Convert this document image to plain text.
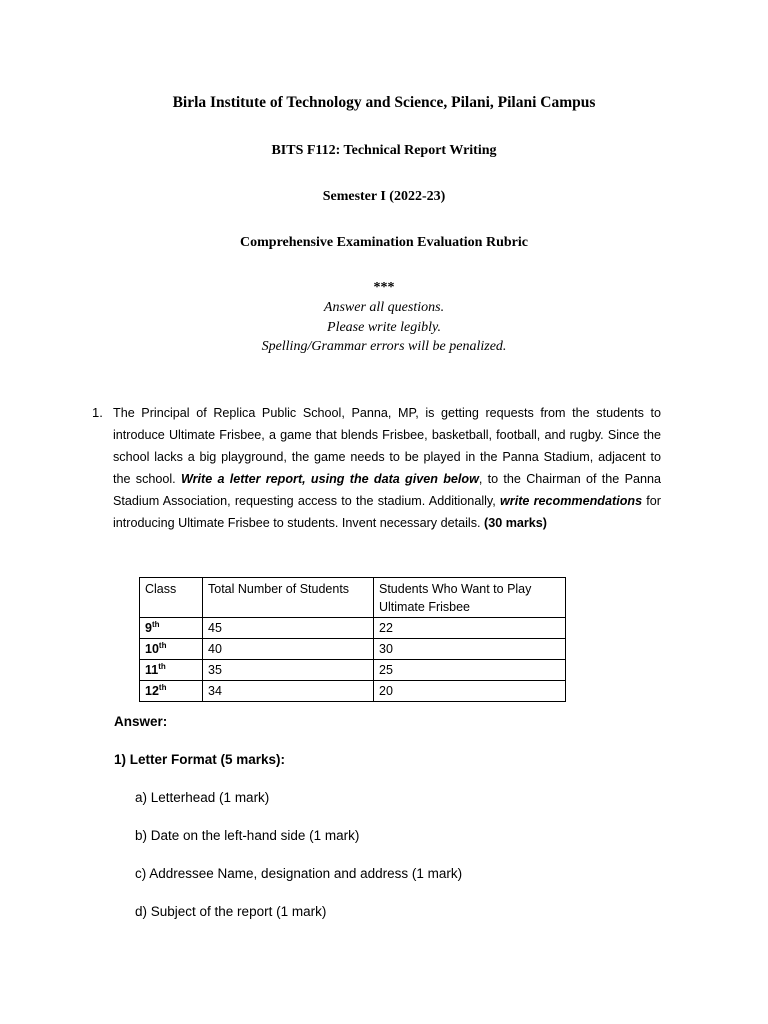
Birla Institute of Technology and Science, Pilani, Pilani Campus
BITS F112: Technical Report Writing
Semester I (2022-23)
Comprehensive Examination Evaluation Rubric
***
Answer all questions.
Please write legibly.
Spelling/Grammar errors will be penalized.
1. The Principal of Replica Public School, Panna, MP, is getting requests from the students to introduce Ultimate Frisbee, a game that blends Frisbee, basketball, football, and rugby. Since the school lacks a big playground, the game needs to be played in the Panna Stadium, adjacent to the school. Write a letter report, using the data given below, to the Chairman of the Panna Stadium Association, requesting access to the stadium. Additionally, write recommendations for introducing Ultimate Frisbee to students. Invent necessary details. (30 marks)
Class	Total Number of Students	Students Who Want to Play Ultimate Frisbee
9th	45	22
10th	40	30
11th	35	25
12th	34	20
Answer:
1) Letter Format (5 marks):
a) Letterhead (1 mark)
b) Date on the left-hand side (1 mark)
c) Addressee Name, designation and address (1 mark)
d) Subject of the report (1 mark)
